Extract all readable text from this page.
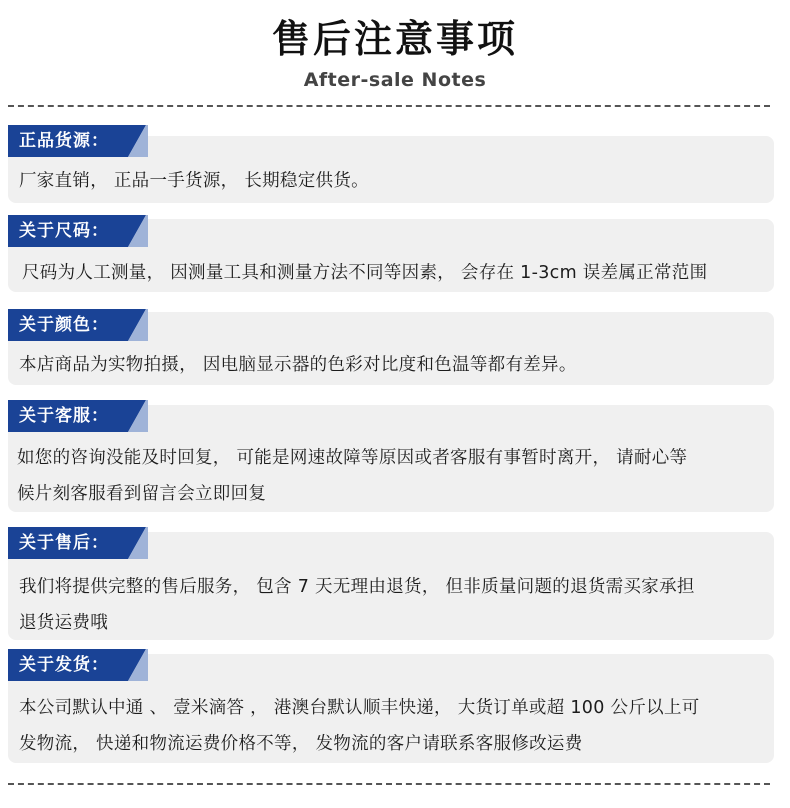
售后注意事项
After-sale Notes
厂家直销， 正品一手货源， 长期稳定供货。
正品货源：
尺码为人工测量， 因测量工具和测量方法不同等因素， 会存在 1-3cm 误差属正常范围
关于尺码：
本店商品为实物拍摄， 因电脑显示器的色彩对比度和色温等都有差异。
关于颜色：
如您的咨询没能及时回复， 可能是网速故障等原因或者客服有事暂时离开， 请耐心等
候片刻客服看到留言会立即回复
关于客服：
我们将提供完整的售后服务， 包含 7 天无理由退货， 但非质量问题的退货需买家承担
退货运费哦
关于售后：
本公司默认中通 、 壹米滴答 ， 港澳台默认顺丰快递， 大货订单或超 100 公斤以上可
发物流， 快递和物流运费价格不等， 发物流的客户请联系客服修改运费
关于发货：
